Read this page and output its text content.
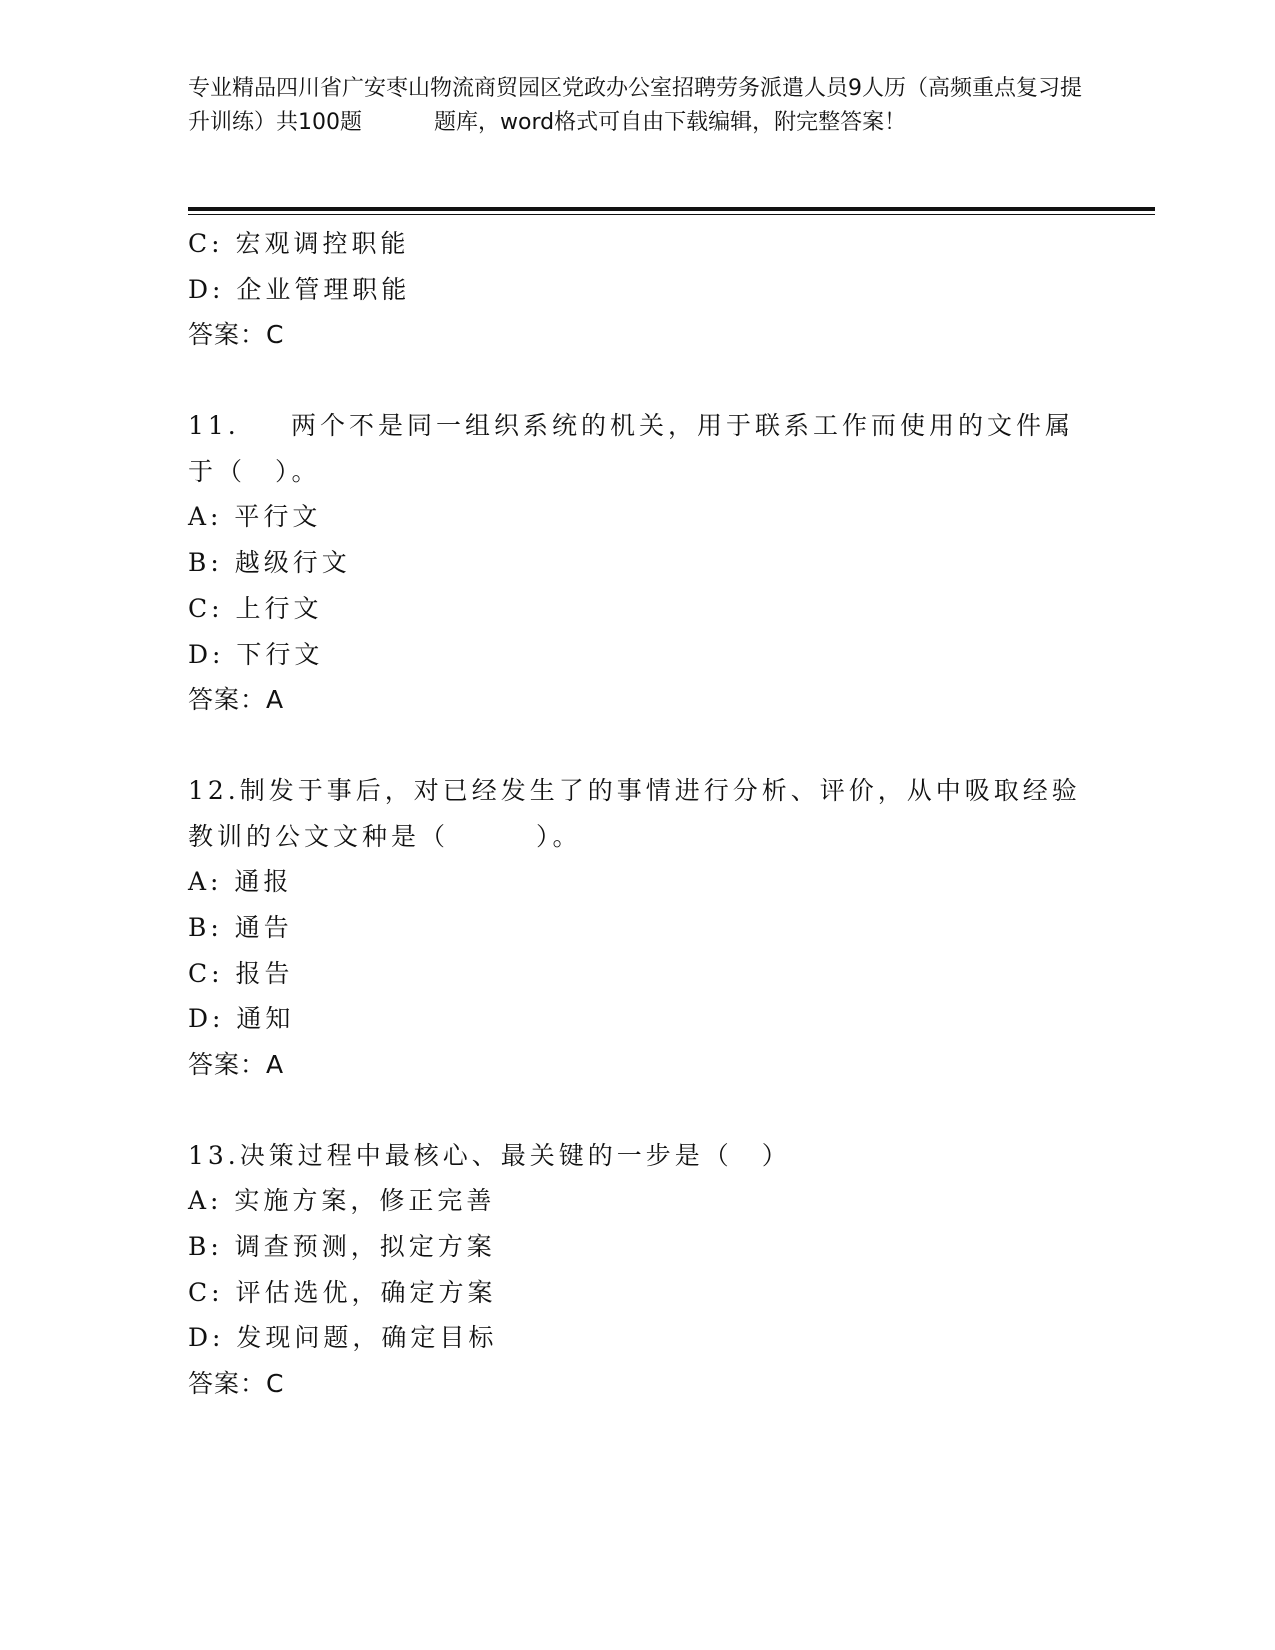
专业精品四川省广安枣山物流商贸园区党政办公室招聘劳务派遣人员9人历（高频重点复习提升训练）共100题	题库，word格式可自由下载编辑，附完整答案！
C: 宏观调控职能
D: 企业管理职能
答案：C
11. 两个不是同一组织系统的机关，用于联系工作而使用的文件属
于（　）。
A: 平行文
B: 越级行文
C: 上行文
D: 下行文
答案：A
12.制发于事后，对已经发生了的事情进行分析、评价，从中吸取经验
教训的公文文种是（　　　）。
A: 通报
B: 通告
C: 报告
D: 通知
答案：A
13.决策过程中最核心、最关键的一步是（　）
A: 实施方案，修正完善
B: 调查预测，拟定方案
C: 评估选优，确定方案
D: 发现问题，确定目标
答案：C
